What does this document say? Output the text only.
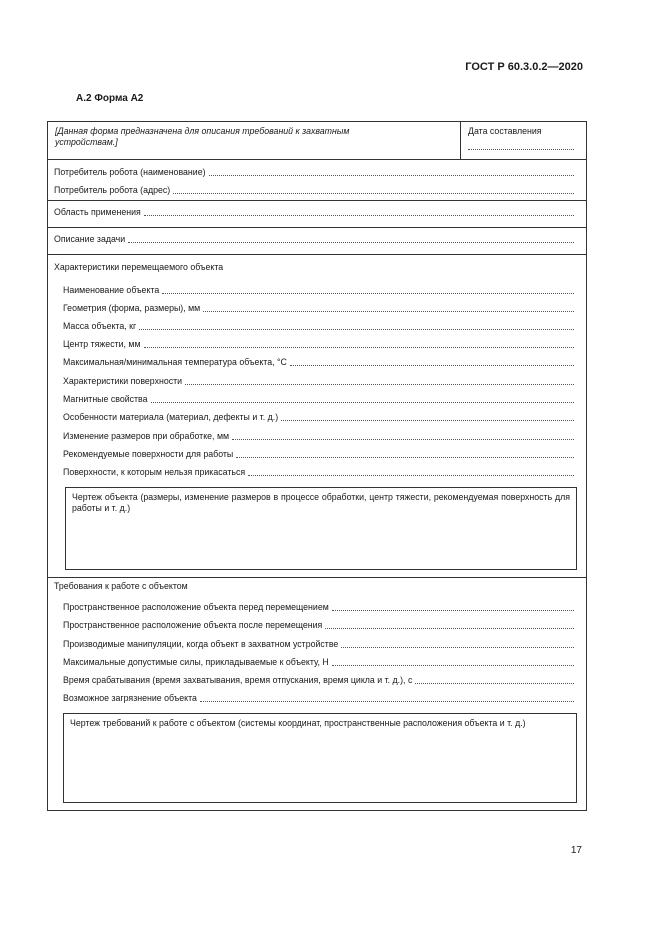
ГОСТ Р 60.3.0.2—2020
А.2 Форма А2
[Данная форма предназначена для описания требований к захватным устройствам.]
Дата составления
Потребитель робота (наименование)
Потребитель робота (адрес)
Область применения
Описание задачи
Характеристики перемещаемого объекта
Наименование объекта
Геометрия (форма, размеры), мм
Масса объекта, кг
Центр тяжести, мм
Максимальная/минимальная температура объекта, °С
Характеристики поверхности
Магнитные свойства
Особенности материала (материал, дефекты и т. д.)
Изменение размеров при обработке, мм
Рекомендуемые поверхности для работы
Поверхности, к которым нельзя прикасаться
Чертеж объекта (размеры, изменение размеров в процессе обработки, центр тяжести, рекомендуемая поверхность для работы и т. д.)
Требования к работе с объектом
Пространственное расположение объекта перед перемещением
Пространственное расположение объекта после перемещения
Производимые манипуляции, когда объект в захватном устройстве
Максимальные допустимые силы, прикладываемые к объекту, Н
Время срабатывания (время захватывания, время отпускания, время цикла и т. д.), с
Возможное загрязнение объекта
Чертеж требований к работе с объектом (системы координат, пространственные расположения объекта и т. д.)
17
